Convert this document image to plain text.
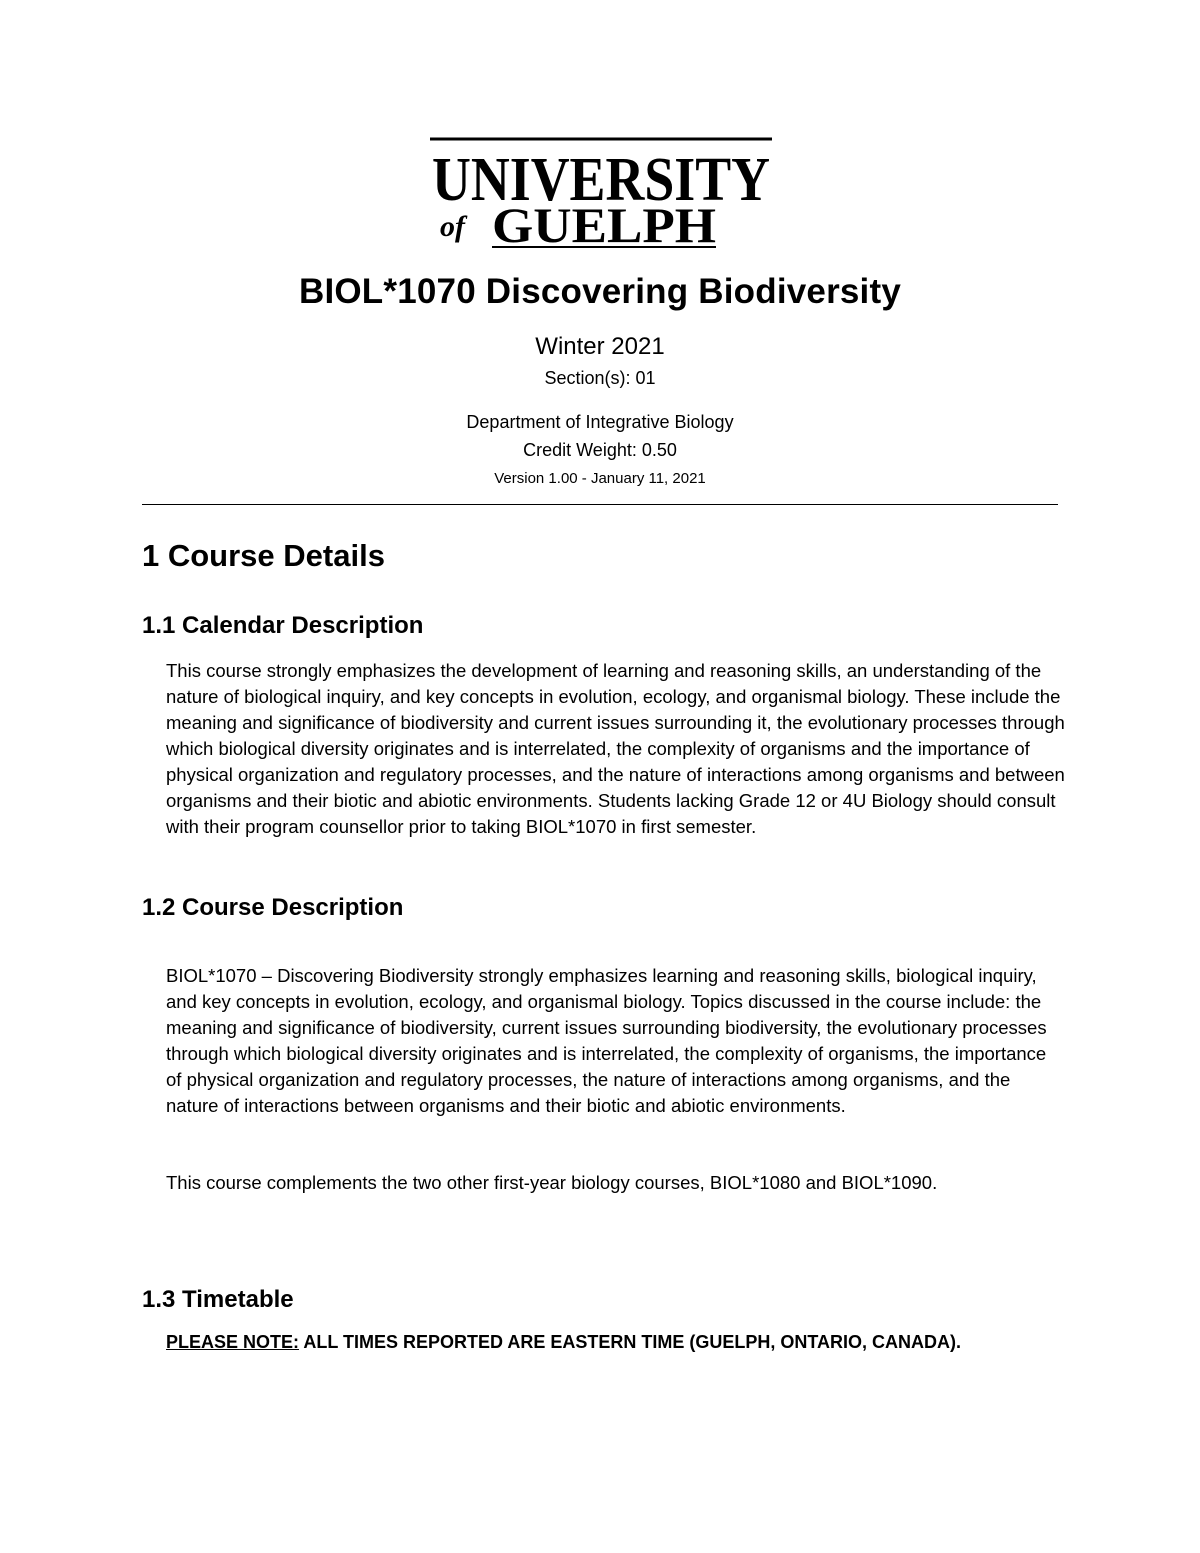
UNIVERSITY
of GUELPH
BIOL*1070 Discovering Biodiversity
Winter 2021
Section(s): 01
Department of Integrative Biology
Credit Weight: 0.50
Version 1.00 - January 11, 2021
1 Course Details
1.1 Calendar Description
This course strongly emphasizes the development of learning and reasoning skills, an understanding of the nature of biological inquiry, and key concepts in evolution, ecology, and organismal biology. These include the meaning and significance of biodiversity and current issues surrounding it, the evolutionary processes through which biological diversity originates and is interrelated, the complexity of organisms and the importance of physical organization and regulatory processes, and the nature of interactions among organisms and between organisms and their biotic and abiotic environments. Students lacking Grade 12 or 4U Biology should consult with their program counsellor prior to taking BIOL*1070 in first semester.
1.2 Course Description
BIOL*1070 – Discovering Biodiversity strongly emphasizes learning and reasoning skills, biological inquiry, and key concepts in evolution, ecology, and organismal biology. Topics discussed in the course include: the meaning and significance of biodiversity, current issues surrounding biodiversity, the evolutionary processes through which biological diversity originates and is interrelated, the complexity of organisms, the importance of physical organization and regulatory processes, the nature of interactions among organisms, and the nature of interactions between organisms and their biotic and abiotic environments.
This course complements the two other first-year biology courses, BIOL*1080 and BIOL*1090.
1.3 Timetable
PLEASE NOTE: ALL TIMES REPORTED ARE EASTERN TIME (GUELPH, ONTARIO, CANADA).
